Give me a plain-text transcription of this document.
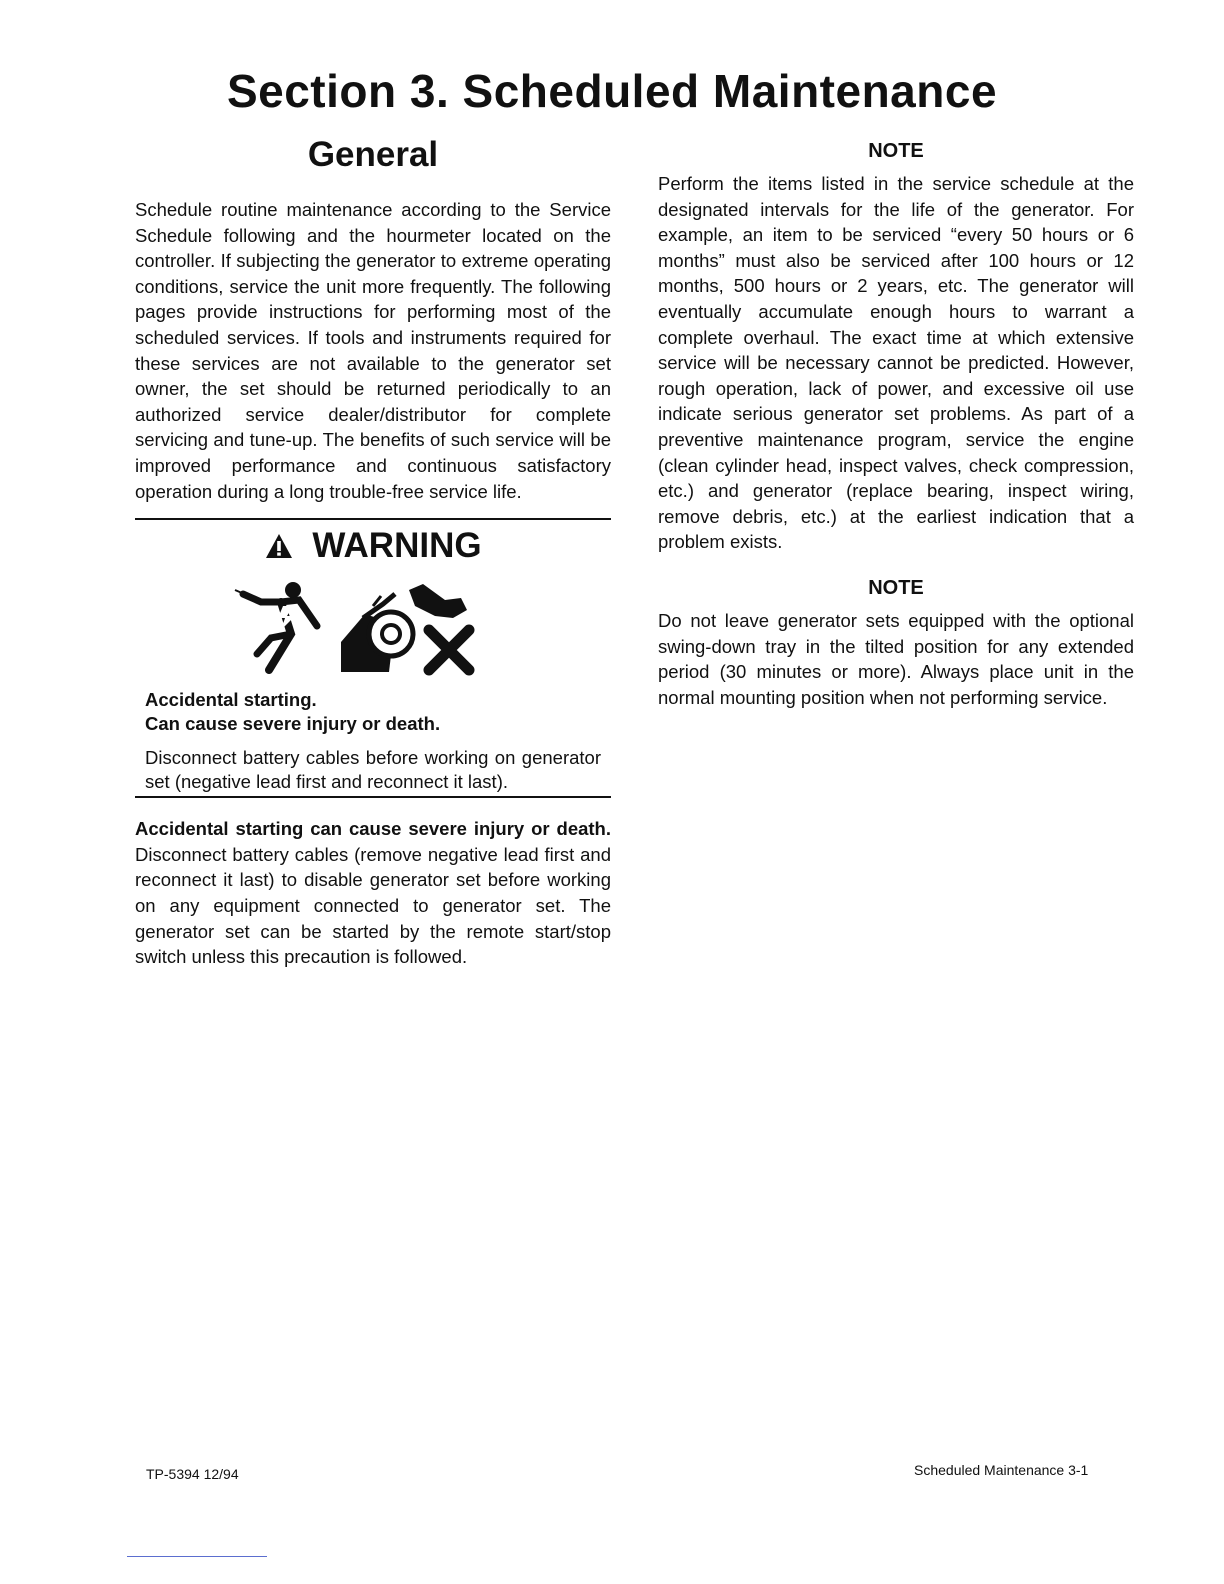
Section 3. Scheduled Maintenance
General

Schedule routine maintenance according to the Service Schedule following and the hourmeter located on the controller. If subjecting the generator to extreme operating conditions, service the unit more frequently. The following pages provide instructions for performing most of the scheduled services. If tools and instruments required for these services are not available to the generator set owner, the set should be returned periodically to an authorized service dealer/distributor for complete servicing and tune-up. The benefits of such service will be improved performance and continuous satisfactory operation during a long trouble-free service life.

WARNING

Accidental starting.

Can cause severe injury or death.

Disconnect battery cables before working on generator set (negative lead first and reconnect it last).

Accidental starting can cause severe injury or death. Disconnect battery cables (remove negative lead first and reconnect it last) to disable generator set before working on any equipment connected to generator set. The generator set can be started by the remote start/stop switch unless this precaution is followed.

NOTE

Perform the items listed in the service schedule at the designated intervals for the life of the generator. For example, an item to be serviced “every 50 hours or 6 months” must also be serviced after 100 hours or 12 months, 500 hours or 2 years, etc. The generator will eventually accumulate enough hours to warrant a complete overhaul. The exact time at which extensive service will be necessary cannot be predicted. However, rough operation, lack of power, and excessive oil use indicate serious generator set problems. As part of a preventive maintenance program, service the engine (clean cylinder head, inspect valves, check compression, etc.) and generator (replace bearing, inspect wiring, remove debris, etc.) at the earliest indication that a problem exists.

NOTE

Do not leave generator sets equipped with the optional swing-down tray in the tilted position for any extended period (30 minutes or more). Always place unit in the normal mounting position when not performing service.

TP-5394 12/94	Scheduled Maintenance 3-1
